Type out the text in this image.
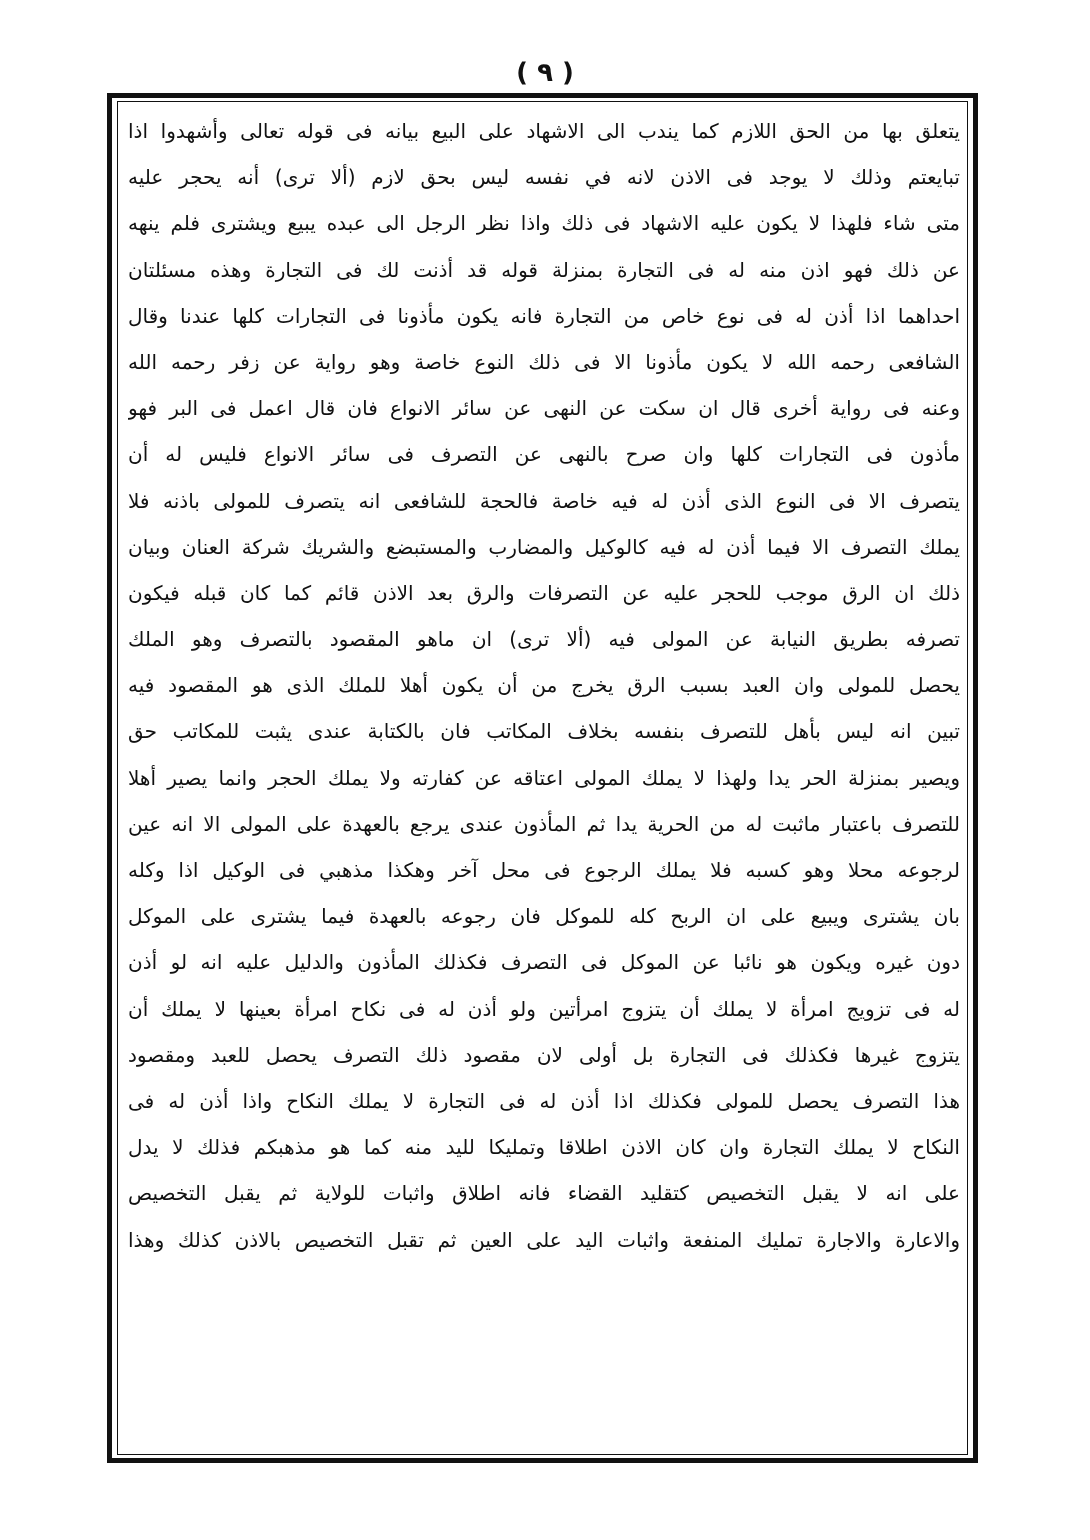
( ٩ )
يتعلق بها من الحق اللازم كما يندب الى الاشهاد على البيع بيانه فى قوله تعالى وأشهدوا اذا
تبايعتم وذلك لا يوجد فى الاذن لانه في نفسه ليس بحق لازم (ألا ترى) أنه يحجر عليه
متى شاء فلهذا لا يكون عليه الاشهاد فى ذلك واذا نظر الرجل الى عبده يبيع ويشترى فلم ينهه
عن ذلك فهو اذن منه له فى التجارة بمنزلة قوله قد أذنت لك فى التجارة وهذه مسئلتان
احداهما اذا أذن له فى نوع خاص من التجارة فانه يكون مأذونا فى التجارات كلها عندنا وقال
الشافعى رحمه الله لا يكون مأذونا الا فى ذلك النوع خاصة وهو رواية عن زفر رحمه الله
وعنه فى رواية أخرى قال ان سكت عن النهى عن سائر الانواع فان قال اعمل فى البر فهو
مأذون فى التجارات كلها وان صرح بالنهى عن التصرف فى سائر الانواع فليس له أن
يتصرف الا فى النوع الذى أذن له فيه خاصة فالحجة للشافعى انه يتصرف للمولى باذنه فلا
يملك التصرف الا فيما أذن له فيه كالوكيل والمضارب والمستبضع والشريك شركة العنان وبيان
ذلك ان الرق موجب للحجر عليه عن التصرفات والرق بعد الاذن قائم كما كان قبله فيكون
تصرفه بطريق النيابة عن المولى فيه (ألا ترى) ان ماهو المقصود بالتصرف وهو الملك
يحصل للمولى وان العبد بسبب الرق يخرج من أن يكون أهلا للملك الذى هو المقصود فيه
تبين انه ليس بأهل للتصرف بنفسه بخلاف المكاتب فان بالكتابة عندى يثبت للمكاتب حق
ويصير بمنزلة الحر يدا ولهذا لا يملك المولى اعتاقه عن كفارته ولا يملك الحجر وانما يصير أهلا
للتصرف باعتبار ماثبت له من الحرية يدا ثم المأذون عندى يرجع بالعهدة على المولى الا انه عين
لرجوعه محلا وهو كسبه فلا يملك الرجوع فى محل آخر وهكذا مذهبي فى الوكيل اذا وكله
بان يشترى ويبيع على ان الربح كله للموكل فان رجوعه بالعهدة فيما يشترى على الموكل
دون غيره ويكون هو نائبا عن الموكل فى التصرف فكذلك المأذون والدليل عليه انه لو أذن
له فى تزويج امرأة لا يملك أن يتزوج امرأتين ولو أذن له فى نكاح امرأة بعينها لا يملك أن
يتزوج غيرها فكذلك فى التجارة بل أولى لان مقصود ذلك التصرف يحصل للعبد ومقصود
هذا التصرف يحصل للمولى فكذلك اذا أذن له فى التجارة لا يملك النكاح واذا أذن له فى
النكاح لا يملك التجارة وان كان الاذن اطلاقا وتمليكا لليد منه كما هو مذهبكم فذلك لا يدل
على انه لا يقبل التخصيص كتقليد القضاء فانه اطلاق واثبات للولاية ثم يقبل التخصيص
والاعارة والاجارة تمليك المنفعة واثبات اليد على العين ثم تقبل التخصيص بالاذن كذلك وهذا
